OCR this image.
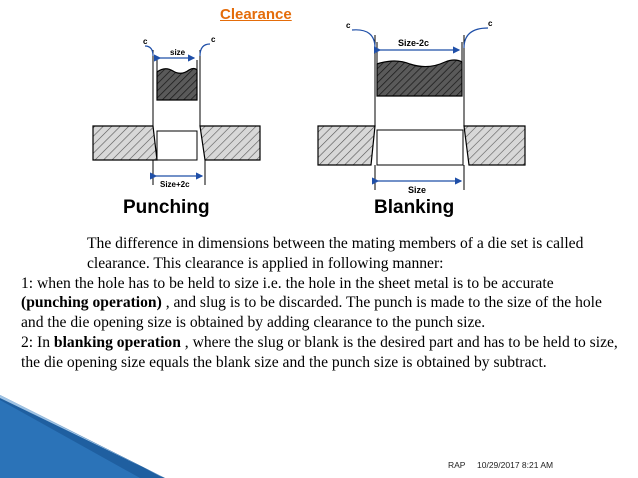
Clearance
c	c
size
Size+2c
c	c
Size-2c
Size
Punching	Blanking

The difference in dimensions between the mating members of a die set is called clearance. This clearance is applied in following manner:

1: when the hole has to be held to size i.e. the hole in the sheet metal is to be accurate (punching operation) , and slug is to be discarded. The punch is made to the size of the hole and the die opening size is obtained by adding clearance to the punch size.

2: In blanking operation , where the slug or blank is the desired part and has to be held to size, the die opening size equals the blank size and the punch size is obtained by subtract.

RAP 10/29/2017 8:21 AM
